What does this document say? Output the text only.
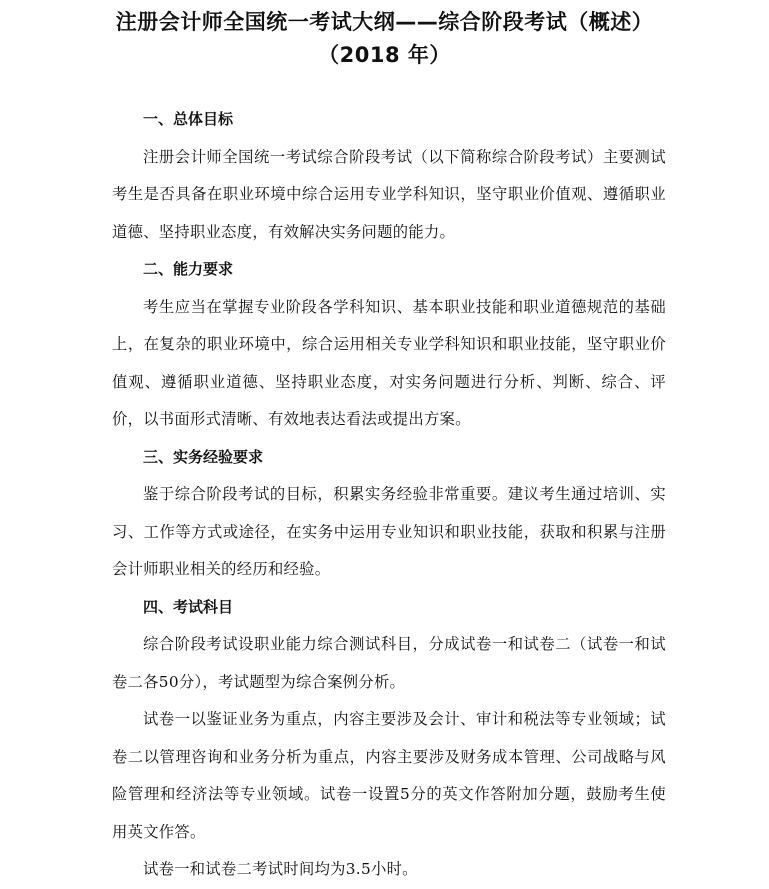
注册会计师全国统一考试大纲——综合阶段考试（概述）
（2018 年）

一、总体目标

注册会计师全国统一考试综合阶段考试（以下简称综合阶段考试）主要测试考生是否具备在职业环境中综合运用专业学科知识，坚守职业价值观、遵循职业道德、坚持职业态度，有效解决实务问题的能力。

二、能力要求

考生应当在掌握专业阶段各学科知识、基本职业技能和职业道德规范的基础上，在复杂的职业环境中，综合运用相关专业学科知识和职业技能，坚守职业价值观、遵循职业道德、坚持职业态度，对实务问题进行分析、判断、综合、评价，以书面形式清晰、有效地表达看法或提出方案。

三、实务经验要求

鉴于综合阶段考试的目标，积累实务经验非常重要。建议考生通过培训、实习、工作等方式或途径，在实务中运用专业知识和职业技能，获取和积累与注册会计师职业相关的经历和经验。

四、考试科目

综合阶段考试设职业能力综合测试科目，分成试卷一和试卷二（试卷一和试卷二各50分），考试题型为综合案例分析。

试卷一以鉴证业务为重点，内容主要涉及会计、审计和税法等专业领域；试卷二以管理咨询和业务分析为重点，内容主要涉及财务成本管理、公司战略与风险管理和经济法等专业领域。试卷一设置5分的英文作答附加分题，鼓励考生使用英文作答。

试卷一和试卷二考试时间均为3.5小时。
